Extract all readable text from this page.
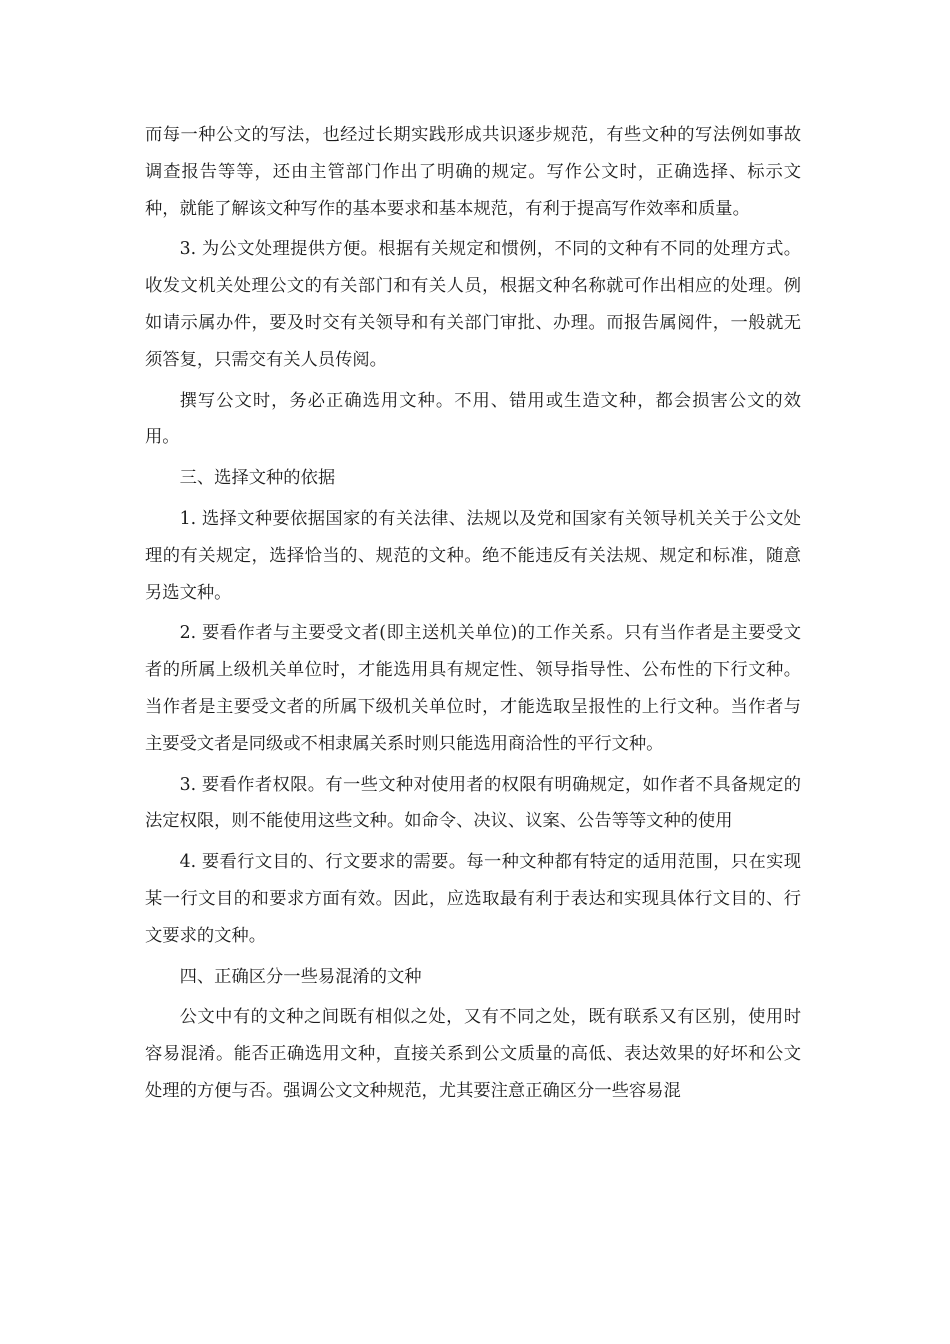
而每一种公文的写法，也经过长期实践形成共识逐步规范，有些文种的写法例如事故调查报告等等，还由主管部门作出了明确的规定。写作公文时，正确选择、标示文种，就能了解该文种写作的基本要求和基本规范，有利于提高写作效率和质量。

3. 为公文处理提供方便。根据有关规定和惯例，不同的文种有不同的处理方式。收发文机关处理公文的有关部门和有关人员，根据文种名称就可作出相应的处理。例如请示属办件，要及时交有关领导和有关部门审批、办理。而报告属阅件，一般就无须答复，只需交有关人员传阅。

撰写公文时，务必正确选用文种。不用、错用或生造文种，都会损害公文的效用。

三、选择文种的依据

1. 选择文种要依据国家的有关法律、法规以及党和国家有关领导机关关于公文处理的有关规定，选择恰当的、规范的文种。绝不能违反有关法规、规定和标准，随意另选文种。

2. 要看作者与主要受文者(即主送机关单位)的工作关系。只有当作者是主要受文者的所属上级机关单位时，才能选用具有规定性、领导指导性、公布性的下行文种。当作者是主要受文者的所属下级机关单位时，才能选取呈报性的上行文种。当作者与主要受文者是同级或不相隶属关系时则只能选用商洽性的平行文种。

3. 要看作者权限。有一些文种对使用者的权限有明确规定，如作者不具备规定的法定权限，则不能使用这些文种。如命令、决议、议案、公告等等文种的使用

4. 要看行文目的、行文要求的需要。每一种文种都有特定的适用范围，只在实现某一行文目的和要求方面有效。因此，应选取最有利于表达和实现具体行文目的、行文要求的文种。

四、正确区分一些易混淆的文种

公文中有的文种之间既有相似之处，又有不同之处，既有联系又有区别，使用时容易混淆。能否正确选用文种，直接关系到公文质量的高低、表达效果的好坏和公文处理的方便与否。强调公文文种规范，尤其要注意正确区分一些容易混
